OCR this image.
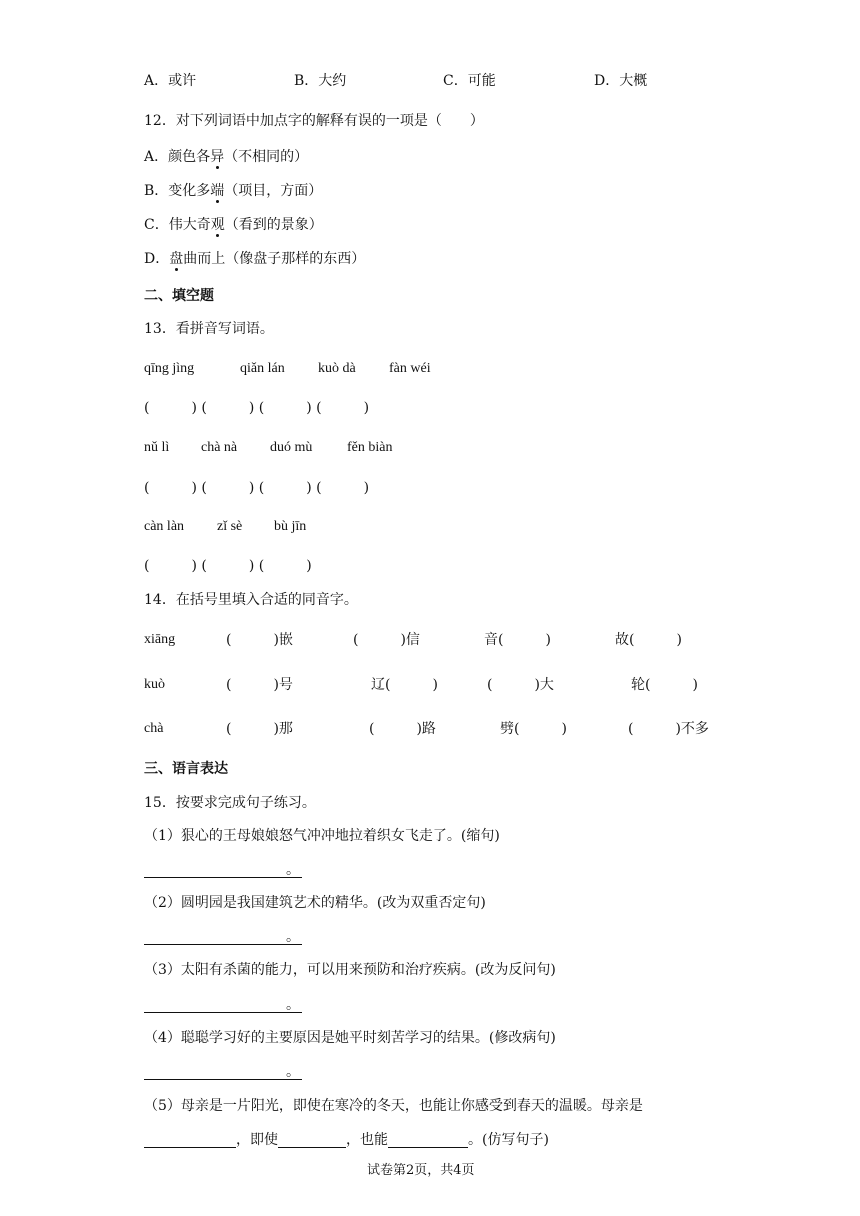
A．或许	B．大约	C．可能	D．大概
12．对下列词语中加点字的解释有误的一项是（　　）
A．颜色各异（不相同的）
B．变化多端（项目，方面）
C．伟大奇观（看到的景象）
D．盘曲而上（像盘子那样的东西）
二、填空题
13．看拼音写词语。
qīng jìng	qiǎn lán kuò dà fàn wéi
(　　　) (　　　) (　　　) (　　　)
nǔ lì chà nà duó mù fěn biàn
(　　　) (　　　) (　　　) (　　　)
càn làn zǐ sè bù jīn
(　　　) (　　　) (　　　)
14．在括号里填入合适的同音字。
xiāng	(　　　)嵌	(　　　)信	音(　　　)	故(　　　)
kuò	(　　　)号	辽(　　　)	(　　　)大	轮(　　　)
chà	(　　　)那	(　　　)路	劈(　　　)	(　　　)不多
三、语言表达
15．按要求完成句子练习。
（1）狠心的王母娘娘怒气冲冲地拉着织女飞走了。(缩句)
。
（2）圆明园是我国建筑艺术的精华。(改为双重否定句)
。
（3）太阳有杀菌的能力，可以用来预防和治疗疾病。(改为反问句)
。
（4）聪聪学习好的主要原因是她平时刻苦学习的结果。(修改病句)
。
（5）母亲是一片阳光，即使在寒冷的冬天，也能让你感受到春天的温暖。母亲是
，即使	，也能	。(仿写句子)
试卷第2页，共4页
